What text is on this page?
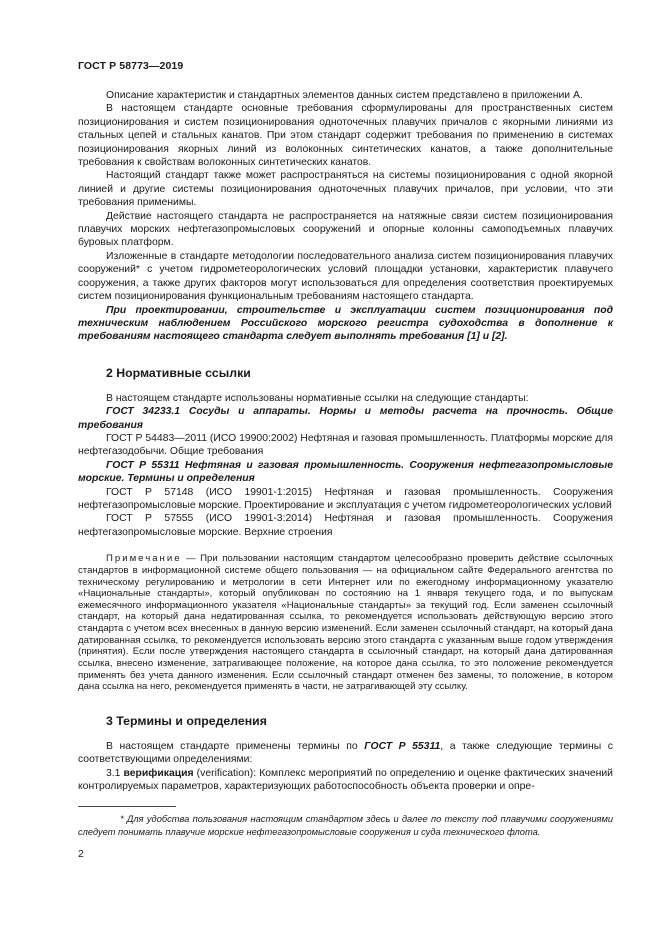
ГОСТ Р 58773—2019

Описание характеристик и стандартных элементов данных систем представлено в приложении А.

В настоящем стандарте основные требования сформулированы для пространственных систем позиционирования и систем позиционирования одноточечных плавучих причалов с якорными линиями из стальных цепей и стальных канатов. При этом стандарт содержит требования по применению в системах позиционирования якорных линий из волоконных синтетических канатов, а также дополнительные требования к свойствам волоконных синтетических канатов.

Настоящий стандарт также может распространяться на системы позиционирования с одной якорной линией и другие системы позиционирования одноточечных плавучих причалов, при условии, что эти требования применимы.

Действие настоящего стандарта не распространяется на натяжные связи систем позиционирования плавучих морских нефтегазопромысловых сооружений и опорные колонны самоподъемных плавучих буровых платформ.

Изложенные в стандарте методологии последовательного анализа систем позиционирования плавучих сооружений* с учетом гидрометеорологических условий площадки установки, характеристик плавучего сооружения, а также других факторов могут использоваться для определения соответствия проектируемых систем позиционирования функциональным требованиям настоящего стандарта.

При проектировании, строительстве и эксплуатации систем позиционирования под техническим наблюдением Российского морского регистра судоходства в дополнение к требованиям настоящего стандарта следует выполнять требования [1] и [2].

2 Нормативные ссылки

В настоящем стандарте использованы нормативные ссылки на следующие стандарты:

ГОСТ 34233.1 Сосуды и аппараты. Нормы и методы расчета на прочность. Общие требования

ГОСТ Р 54483—2011 (ИСО 19900:2002) Нефтяная и газовая промышленность. Платформы морские для нефтегазодобычи. Общие требования

ГОСТ Р 55311 Нефтяная и газовая промышленность. Сооружения нефтегазопромысловые морские. Термины и определения

ГОСТ Р 57148 (ИСО 19901-1:2015) Нефтяная и газовая промышленность. Сооружения нефтегазопромысловые морские. Проектирование и эксплуатация с учетом гидрометеорологических условий

ГОСТ Р 57555 (ИСО 19901-3:2014) Нефтяная и газовая промышленность. Сооружения нефтегазопромысловые морские. Верхние строения

Примечание — При пользовании настоящим стандартом целесообразно проверить действие ссылочных стандартов в информационной системе общего пользования — на официальном сайте Федерального агентства по техническому регулированию и метрологии в сети Интернет или по ежегодному информационному указателю «Национальные стандарты», который опубликован по состоянию на 1 января текущего года, и по выпускам ежемесячного информационного указателя «Национальные стандарты» за текущий год. Если заменен ссылочный стандарт, на который дана недатированная ссылка, то рекомендуется использовать действующую версию этого стандарта с учетом всех внесенных в данную версию изменений. Если заменен ссылочный стандарт, на который дана датированная ссылка, то рекомендуется использовать версию этого стандарта с указанным выше годом утверждения (принятия). Если после утверждения настоящего стандарта в ссылочный стандарт, на который дана датированная ссылка, внесено изменение, затрагивающее положение, на которое дана ссылка, то это положение рекомендуется применять без учета данного изменения. Если ссылочный стандарт отменен без замены, то положение, в котором дана ссылка на него, рекомендуется применять в части, не затрагивающей эту ссылку.

3 Термины и определения

В настоящем стандарте применены термины по ГОСТ Р 55311, а также следующие термины с соответствующими определениями:

3.1 верификация (verification): Комплекс мероприятий по определению и оценке фактических значений контролируемых параметров, характеризующих работоспособность объекта проверки и опре-

* Для удобства пользования настоящим стандартом здесь и далее по тексту под плавучими сооружениями следует понимать плавучие морские нефтегазопромысловые сооружения и суда технического флота.

2
